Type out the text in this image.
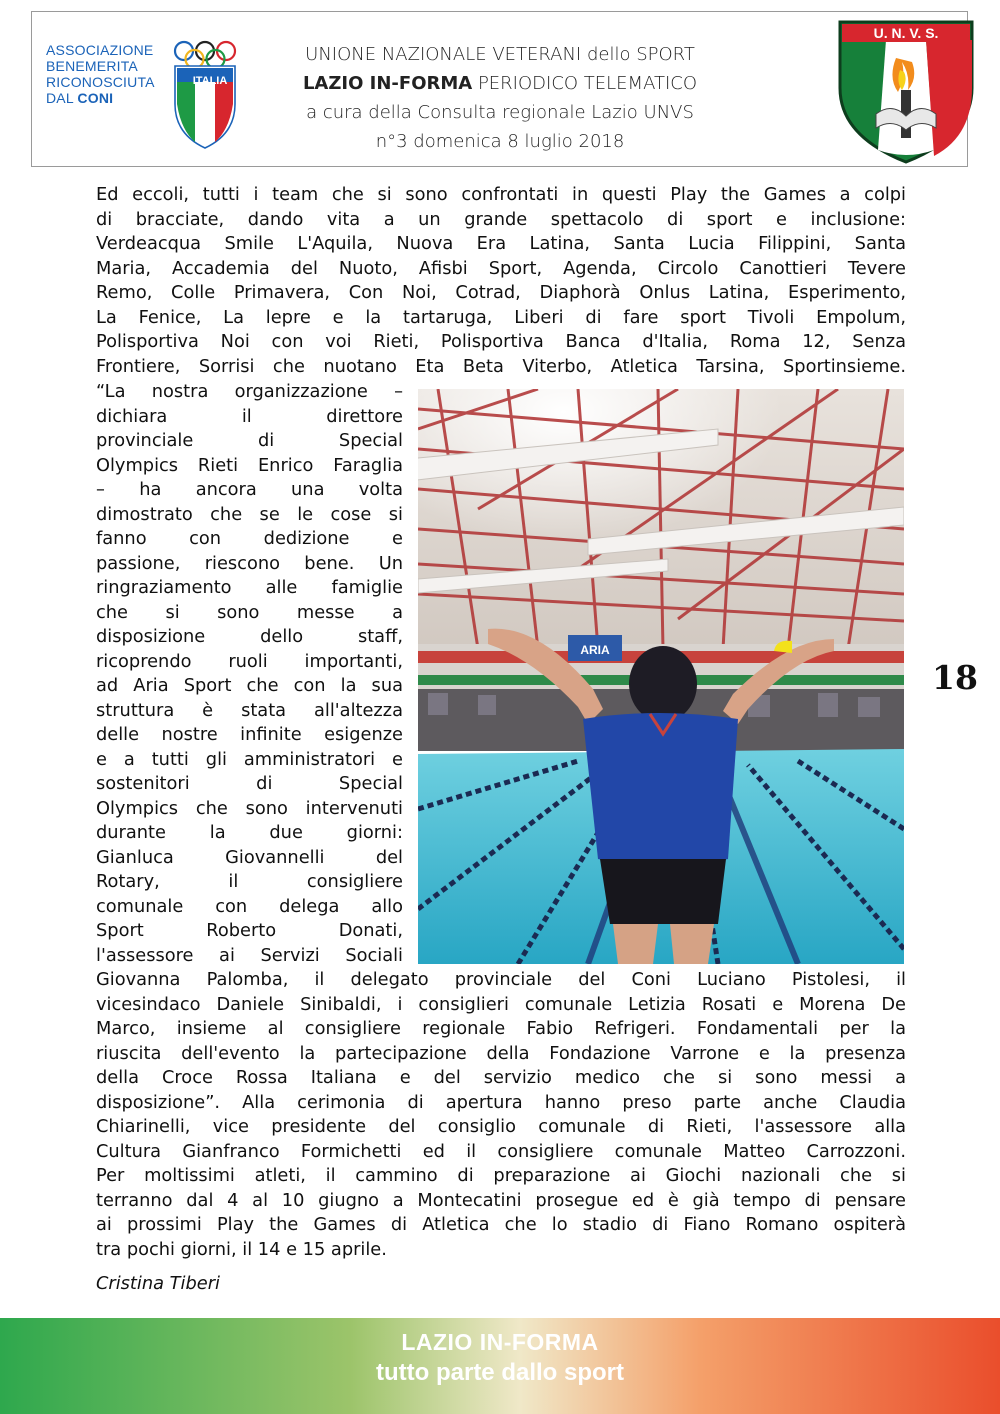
ASSOCIAZIONE
BENEMERITA
RICONOSCIUTA
DAL CONI
ITALIA
UNIONE NAZIONALE VETERANI dello SPORT
LAZIO IN-FORMA PERIODICO TELEMATICO
a cura della Consulta regionale Lazio UNVS
n°3 domenica 8 luglio 2018
U. N. V. S.
Ed eccoli, tutti i team che si sono confrontati in questi Play the Games a colpi
di bracciate, dando vita a un grande spettacolo di sport e inclusione:
Verdeacqua Smile L'Aquila, Nuova Era Latina, Santa Lucia Filippini, Santa
Maria, Accademia del Nuoto, Afisbi Sport, Agenda, Circolo Canottieri Tevere
Remo, Colle Primavera, Con Noi, Cotrad, Diaphorà Onlus Latina, Esperimento,
La Fenice, La lepre e la tartaruga, Liberi di fare sport Tivoli Empolum,
Polisportiva Noi con voi Rieti, Polisportiva Banca d'Italia, Roma 12, Senza
Frontiere, Sorrisi che nuotano Eta Beta Viterbo, Atletica Tarsina, Sportinsieme.
“La nostra organizzazione –
dichiara il direttore
provinciale di Special
Olympics Rieti Enrico Faraglia
– ha ancora una volta
dimostrato che se le cose si
fanno con dedizione e
passione, riescono bene. Un
ringraziamento alle famiglie
che si sono messe a
disposizione dello staff,
ricoprendo ruoli importanti,
ad Aria Sport che con la sua
struttura è stata all'altezza
delle nostre infinite esigenze
e a tutti gli amministratori e
sostenitori di Special
Olympics che sono intervenuti
durante la due giorni:
Gianluca Giovannelli del
Rotary, il consigliere
comunale con delega allo
Sport Roberto Donati,
l'assessore ai Servizi Sociali
ARIA
Giovanna Palomba, il delegato provinciale del Coni Luciano Pistolesi, il
vicesindaco Daniele Sinibaldi, i consiglieri comunale Letizia Rosati e Morena De
Marco, insieme al consigliere regionale Fabio Refrigeri. Fondamentali per la
riuscita dell'evento la partecipazione della Fondazione Varrone e la presenza
della Croce Rossa Italiana e del servizio medico che si sono messi a
disposizione”. Alla cerimonia di apertura hanno preso parte anche Claudia
Chiarinelli, vice presidente del consiglio comunale di Rieti, l'assessore alla
Cultura Gianfranco Formichetti ed il consigliere comunale Matteo Carrozzoni.
Per moltissimi atleti, il cammino di preparazione ai Giochi nazionali che si
terranno dal 4 al 10 giugno a Montecatini prosegue ed è già tempo di pensare
ai prossimi Play the Games di Atletica che lo stadio di Fiano Romano ospiterà
tra pochi giorni, il 14 e 15 aprile.
Cristina Tiberi
18
LAZIO IN-FORMA
tutto parte dallo sport
